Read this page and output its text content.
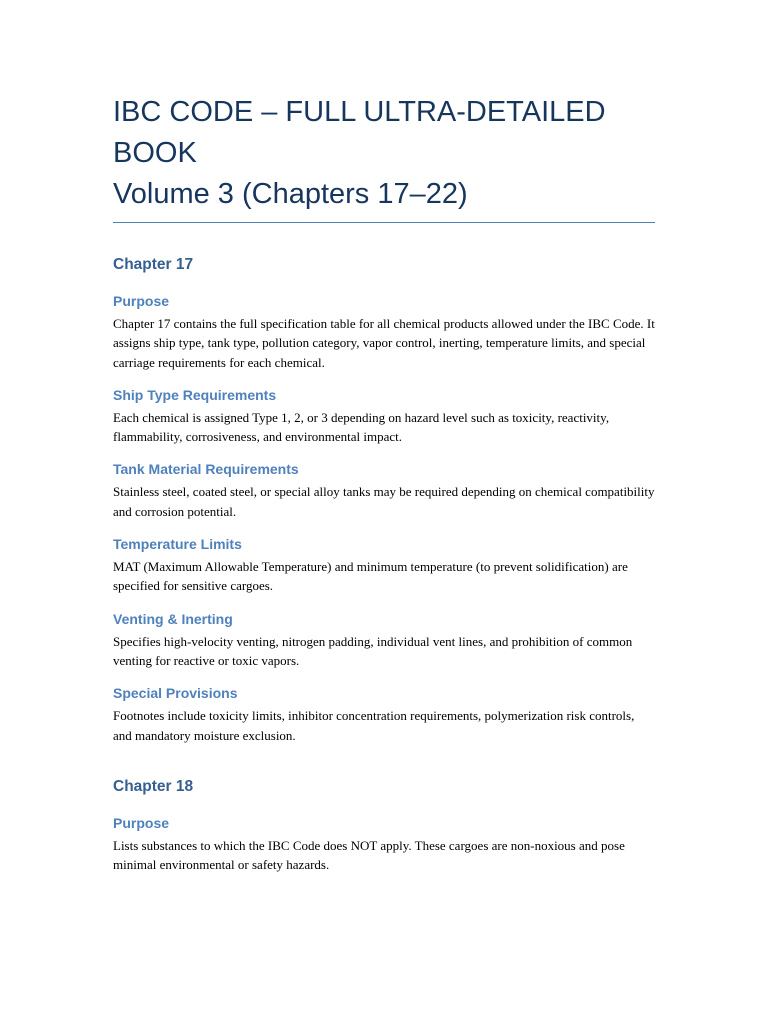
IBC CODE – FULL ULTRA-DETAILED
BOOK
Volume 3 (Chapters 17–22)
Chapter 17
Purpose

Chapter 17 contains the full specification table for all chemical products allowed under the IBC Code. It assigns ship type, tank type, pollution category, vapor control, inerting, temperature limits, and special carriage requirements for each chemical.

Ship Type Requirements

Each chemical is assigned Type 1, 2, or 3 depending on hazard level such as toxicity, reactivity, flammability, corrosiveness, and environmental impact.

Tank Material Requirements

Stainless steel, coated steel, or special alloy tanks may be required depending on chemical compatibility and corrosion potential.

Temperature Limits

MAT (Maximum Allowable Temperature) and minimum temperature (to prevent solidification) are specified for sensitive cargoes.

Venting & Inerting

Specifies high-velocity venting, nitrogen padding, individual vent lines, and prohibition of common venting for reactive or toxic vapors.

Special Provisions

Footnotes include toxicity limits, inhibitor concentration requirements, polymerization risk controls, and mandatory moisture exclusion.

Chapter 18
Purpose

Lists substances to which the IBC Code does NOT apply. These cargoes are non-noxious and pose minimal environmental or safety hazards.
